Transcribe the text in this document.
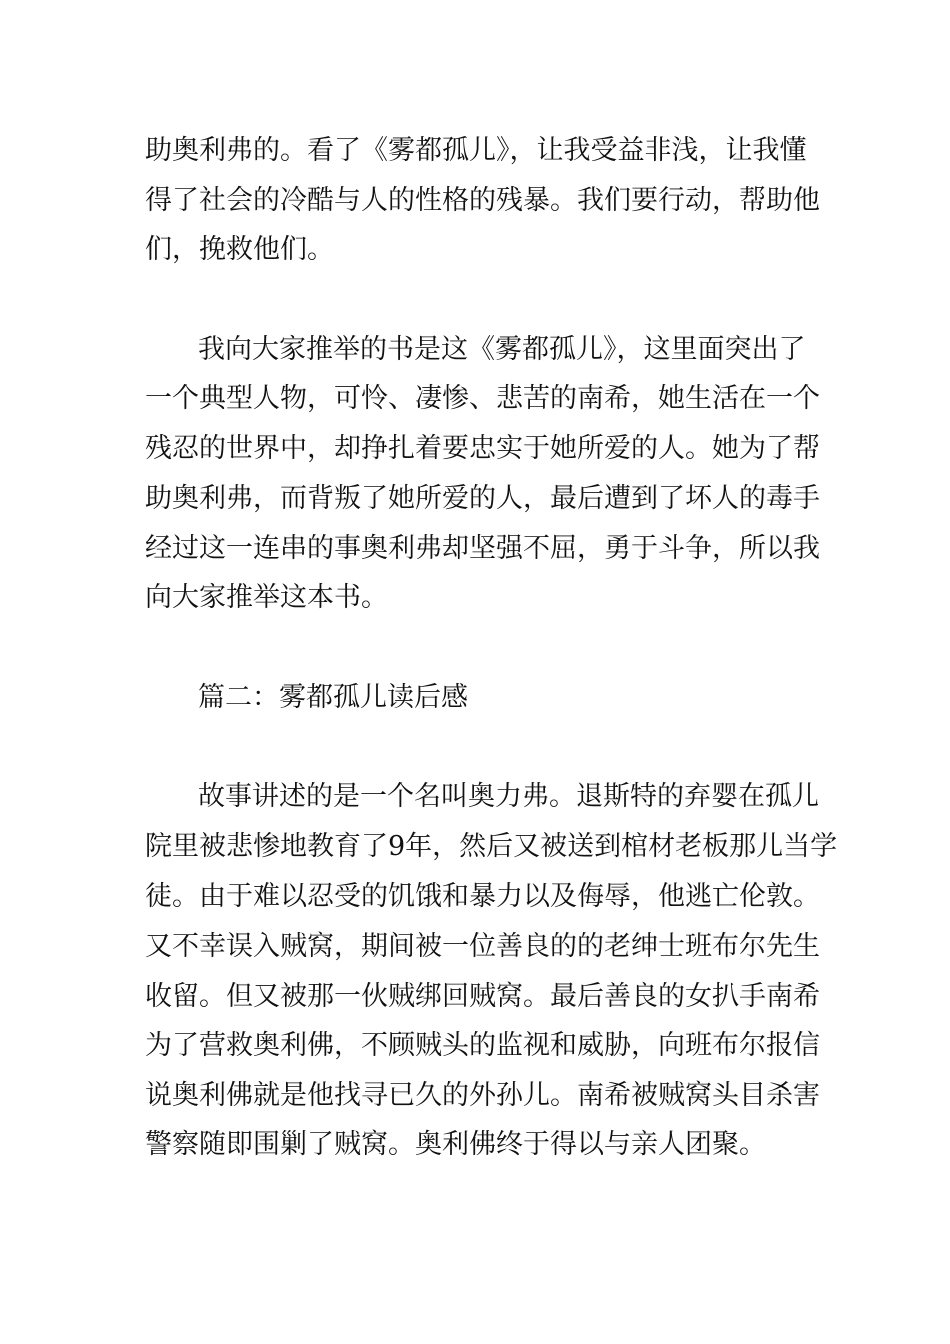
助奥利弗的。看了《雾都孤儿》，让我受益非浅，让我懂
得了社会的冷酷与人的性格的残暴。我们要行动，帮助他
们，挽救他们。
我向大家推举的书是这《雾都孤儿》，这里面突出了
一个典型人物，可怜、凄惨、悲苦的南希，她生活在一个
残忍的世界中，却挣扎着要忠实于她所爱的人。她为了帮
助奥利弗，而背叛了她所爱的人，最后遭到了坏人的毒手
经过这一连串的事奥利弗却坚强不屈，勇于斗争，所以我
向大家推举这本书。
篇二：雾都孤儿读后感
故事讲述的是一个名叫奥力弗。退斯特的弃婴在孤儿
院里被悲惨地教育了9年，然后又被送到棺材老板那儿当学
徒。由于难以忍受的饥饿和暴力以及侮辱，他逃亡伦敦。
又不幸误入贼窝，期间被一位善良的的老绅士班布尔先生
收留。但又被那一伙贼绑回贼窝。最后善良的女扒手南希
为了营救奥利佛，不顾贼头的监视和威胁，向班布尔报信
说奥利佛就是他找寻已久的外孙儿。南希被贼窝头目杀害
警察随即围剿了贼窝。奥利佛终于得以与亲人团聚。
